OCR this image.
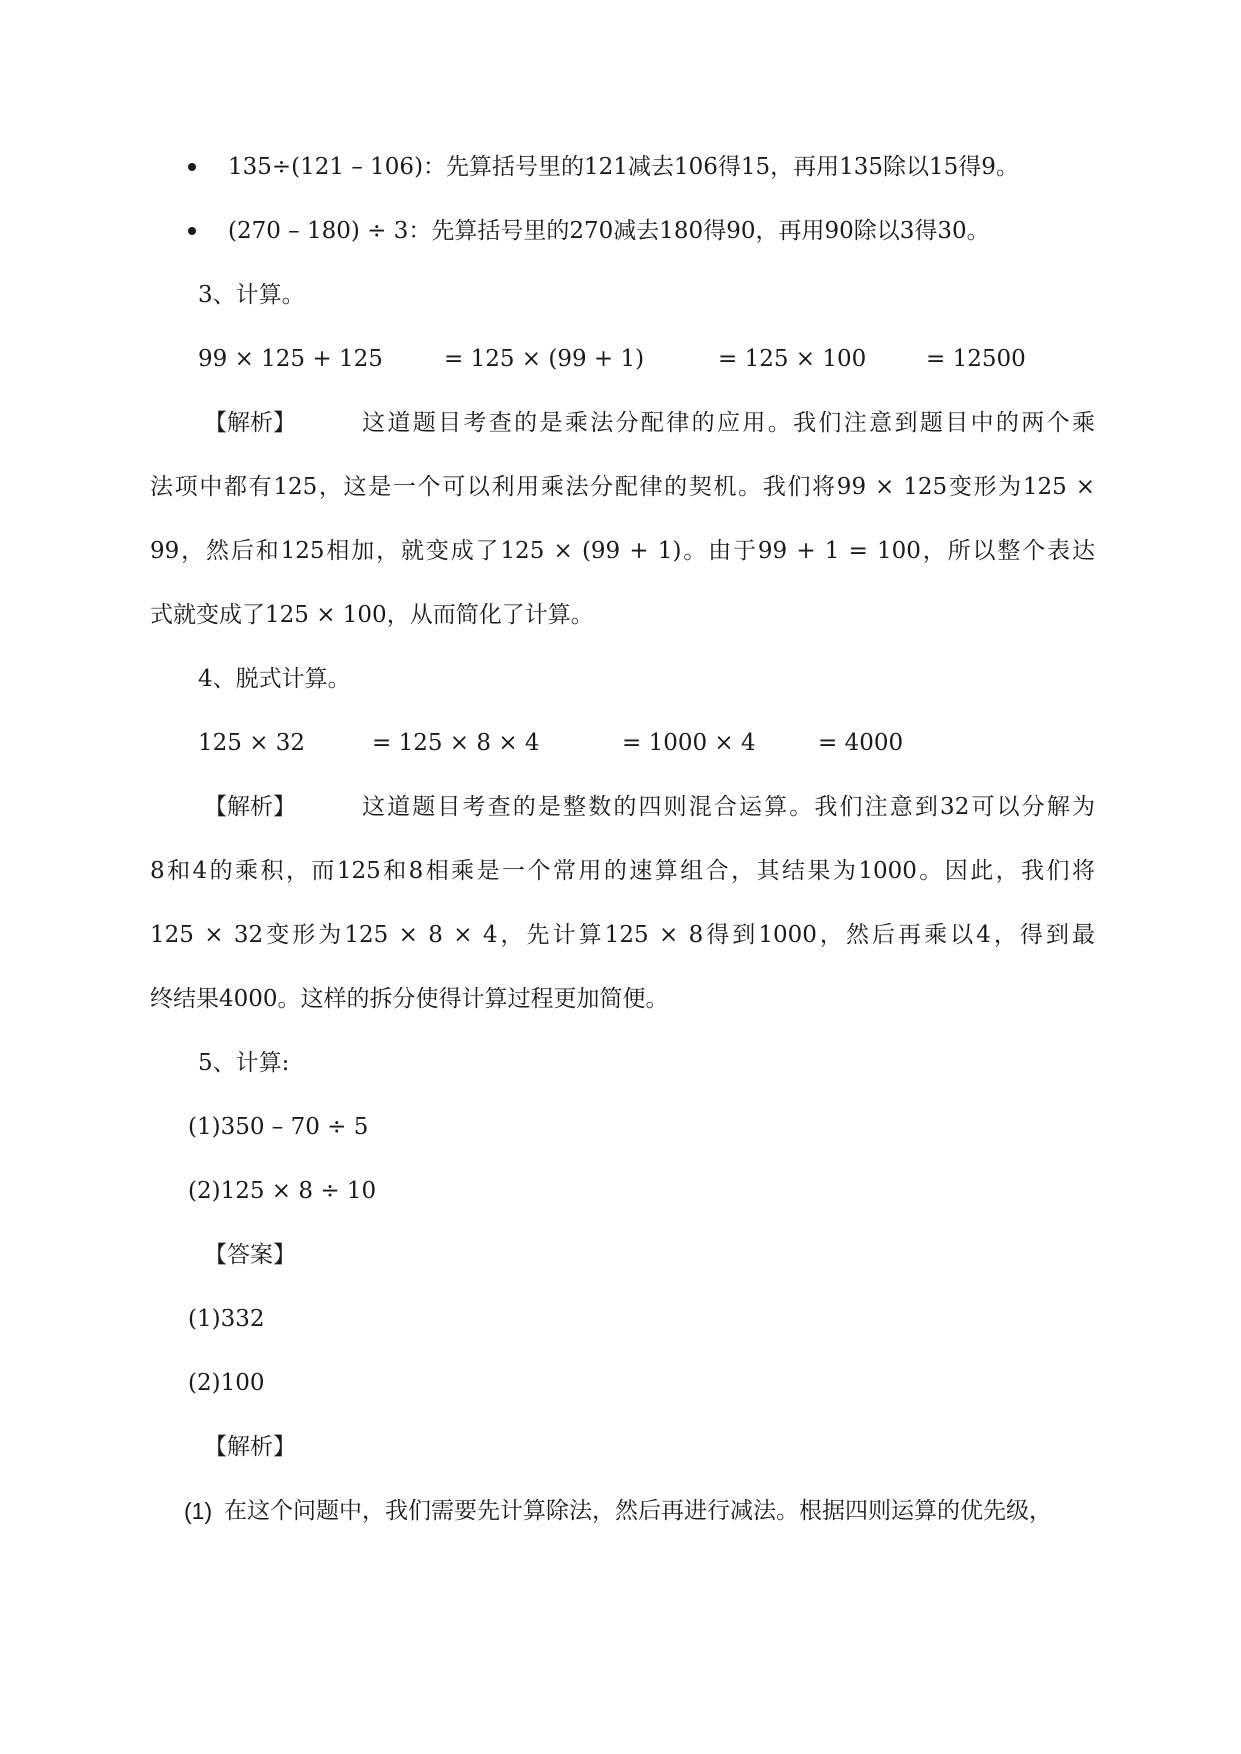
135÷(121 – 106)：先算括号里的121减去106得15，再用135除以15得9。
(270 – 180) ÷ 3：先算括号里的270减去180得90，再用90除以3得30。
3、计算。
99 × 125 + 125	= 125 × (99 + 1)	= 125 × 100	= 12500
【解析】	这道题目考查的是乘法分配律的应用。我们注意到题目中的两个乘
法项中都有125，这是一个可以利用乘法分配律的契机。我们将99 × 125变形为125 ×
99，然后和125相加，就变成了125 × (99 + 1)。由于99 + 1 = 100，所以整个表达
式就变成了125 × 100，从而简化了计算。
4、脱式计算。
125 × 32	= 125 × 8 × 4	= 1000 × 4	= 4000
【解析】	这道题目考查的是整数的四则混合运算。我们注意到32可以分解为
8和4的乘积，而125和8相乘是一个常用的速算组合，其结果为1000。因此，我们将
125 × 32变形为125 × 8 × 4，先计算125 × 8得到1000，然后再乘以4，得到最
终结果4000。这样的拆分使得计算过程更加简便。
5、计算:
(1)350 – 70 ÷ 5
(2)125 × 8 ÷ 10
【答案】
(1)332
(2)100
【解析】
(1) 在这个问题中，我们需要先计算除法，然后再进行减法。根据四则运算的优先级，
